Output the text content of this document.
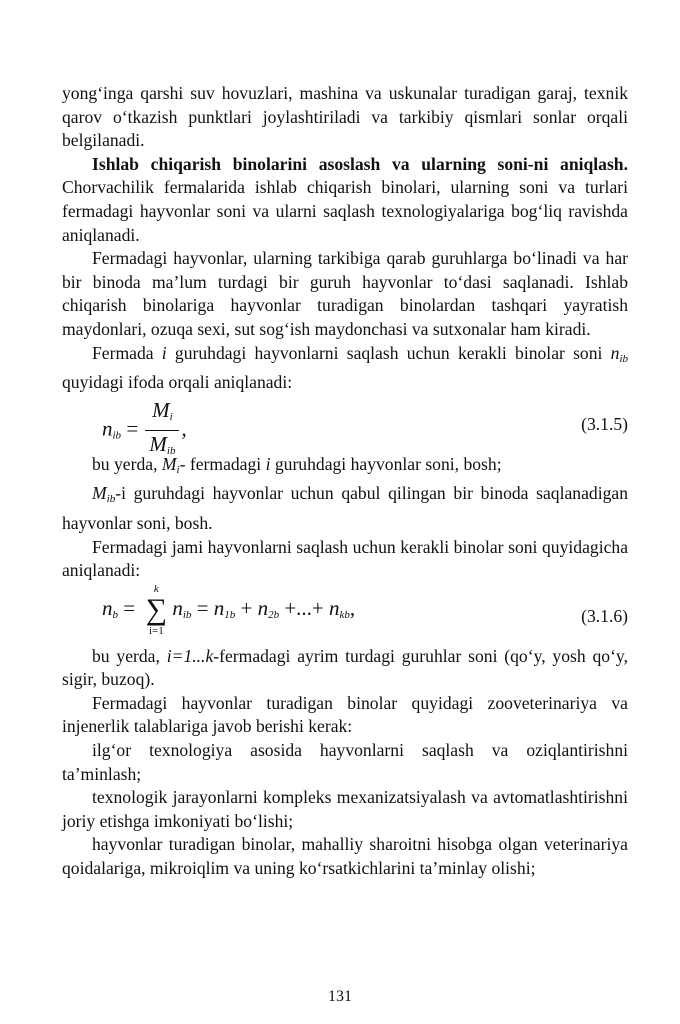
yong‘inga qarshi suv hovuzlari, mashina va uskunalar turadigan garaj, texnik qarov o‘tkazish punktlari joylashtiriladi va tarkibiy qismlari sonlar orqali belgilanadi.

Ishlab chiqarish binolarini asoslash va ularning soni-ni aniqlash. Chorvachilik fermalarida ishlab chiqarish binolari, ularning soni va turlari fermadagi hayvonlar soni va ularni saqlash texnologiyalariga bog‘liq ravishda aniqlanadi.

Fermadagi hayvonlar, ularning tarkibiga qarab guruhlarga bo‘linadi va har bir binoda ma’lum turdagi bir guruh hayvonlar to‘dasi saqlanadi. Ishlab chiqarish binolariga hayvonlar turadigan binolardan tashqari yayratish maydonlari, ozuqa sexi, sut sog‘ish maydonchasi va sutxonalar ham kiradi.

Fermada i guruhdagi hayvonlarni saqlash uchun kerakli binolar soni $n_{ib}$ quyidagi ifoda orqali aniqlanadi:

$n_{ib} = \frac{M_i}{M_{ib}}$ ,	(3.1.5)

bu yerda, $M_i-$ fermadagi i guruhdagi hayvonlar soni, bosh;

$M_{ib}-i$ guruhdagi hayvonlar uchun qabul qilingan bir binoda saqlanadigan hayvonlar soni, bosh.

Fermadagi jami hayvonlarni saqlash uchun kerakli binolar soni quyidagicha aniqlanadi:

$n_b$ =
k
∑
i=1
$n_{ib} = n_{1b} + n_{2b}$ +...+ $n_{kb}$,	(3.1.6)

bu yerda, i=1...k-fermadagi ayrim turdagi guruhlar soni (qo‘y, yosh qo‘y, sigir, buzoq).

Fermadagi hayvonlar turadigan binolar quyidagi zooveterinariya va injenerlik talablariga javob berishi kerak:

ilg‘or texnologiya asosida hayvonlarni saqlash va oziqlantirishni ta’minlash;

texnologik jarayonlarni kompleks mexanizatsiyalash va avtomatlashtirishni joriy etishga imkoniyati bo‘lishi;

hayvonlar turadigan binolar, mahalliy sharoitni hisobga olgan veterinariya qoidalariga, mikroiqlim va uning ko‘rsatkichlarini ta’minlay olishi;

131
